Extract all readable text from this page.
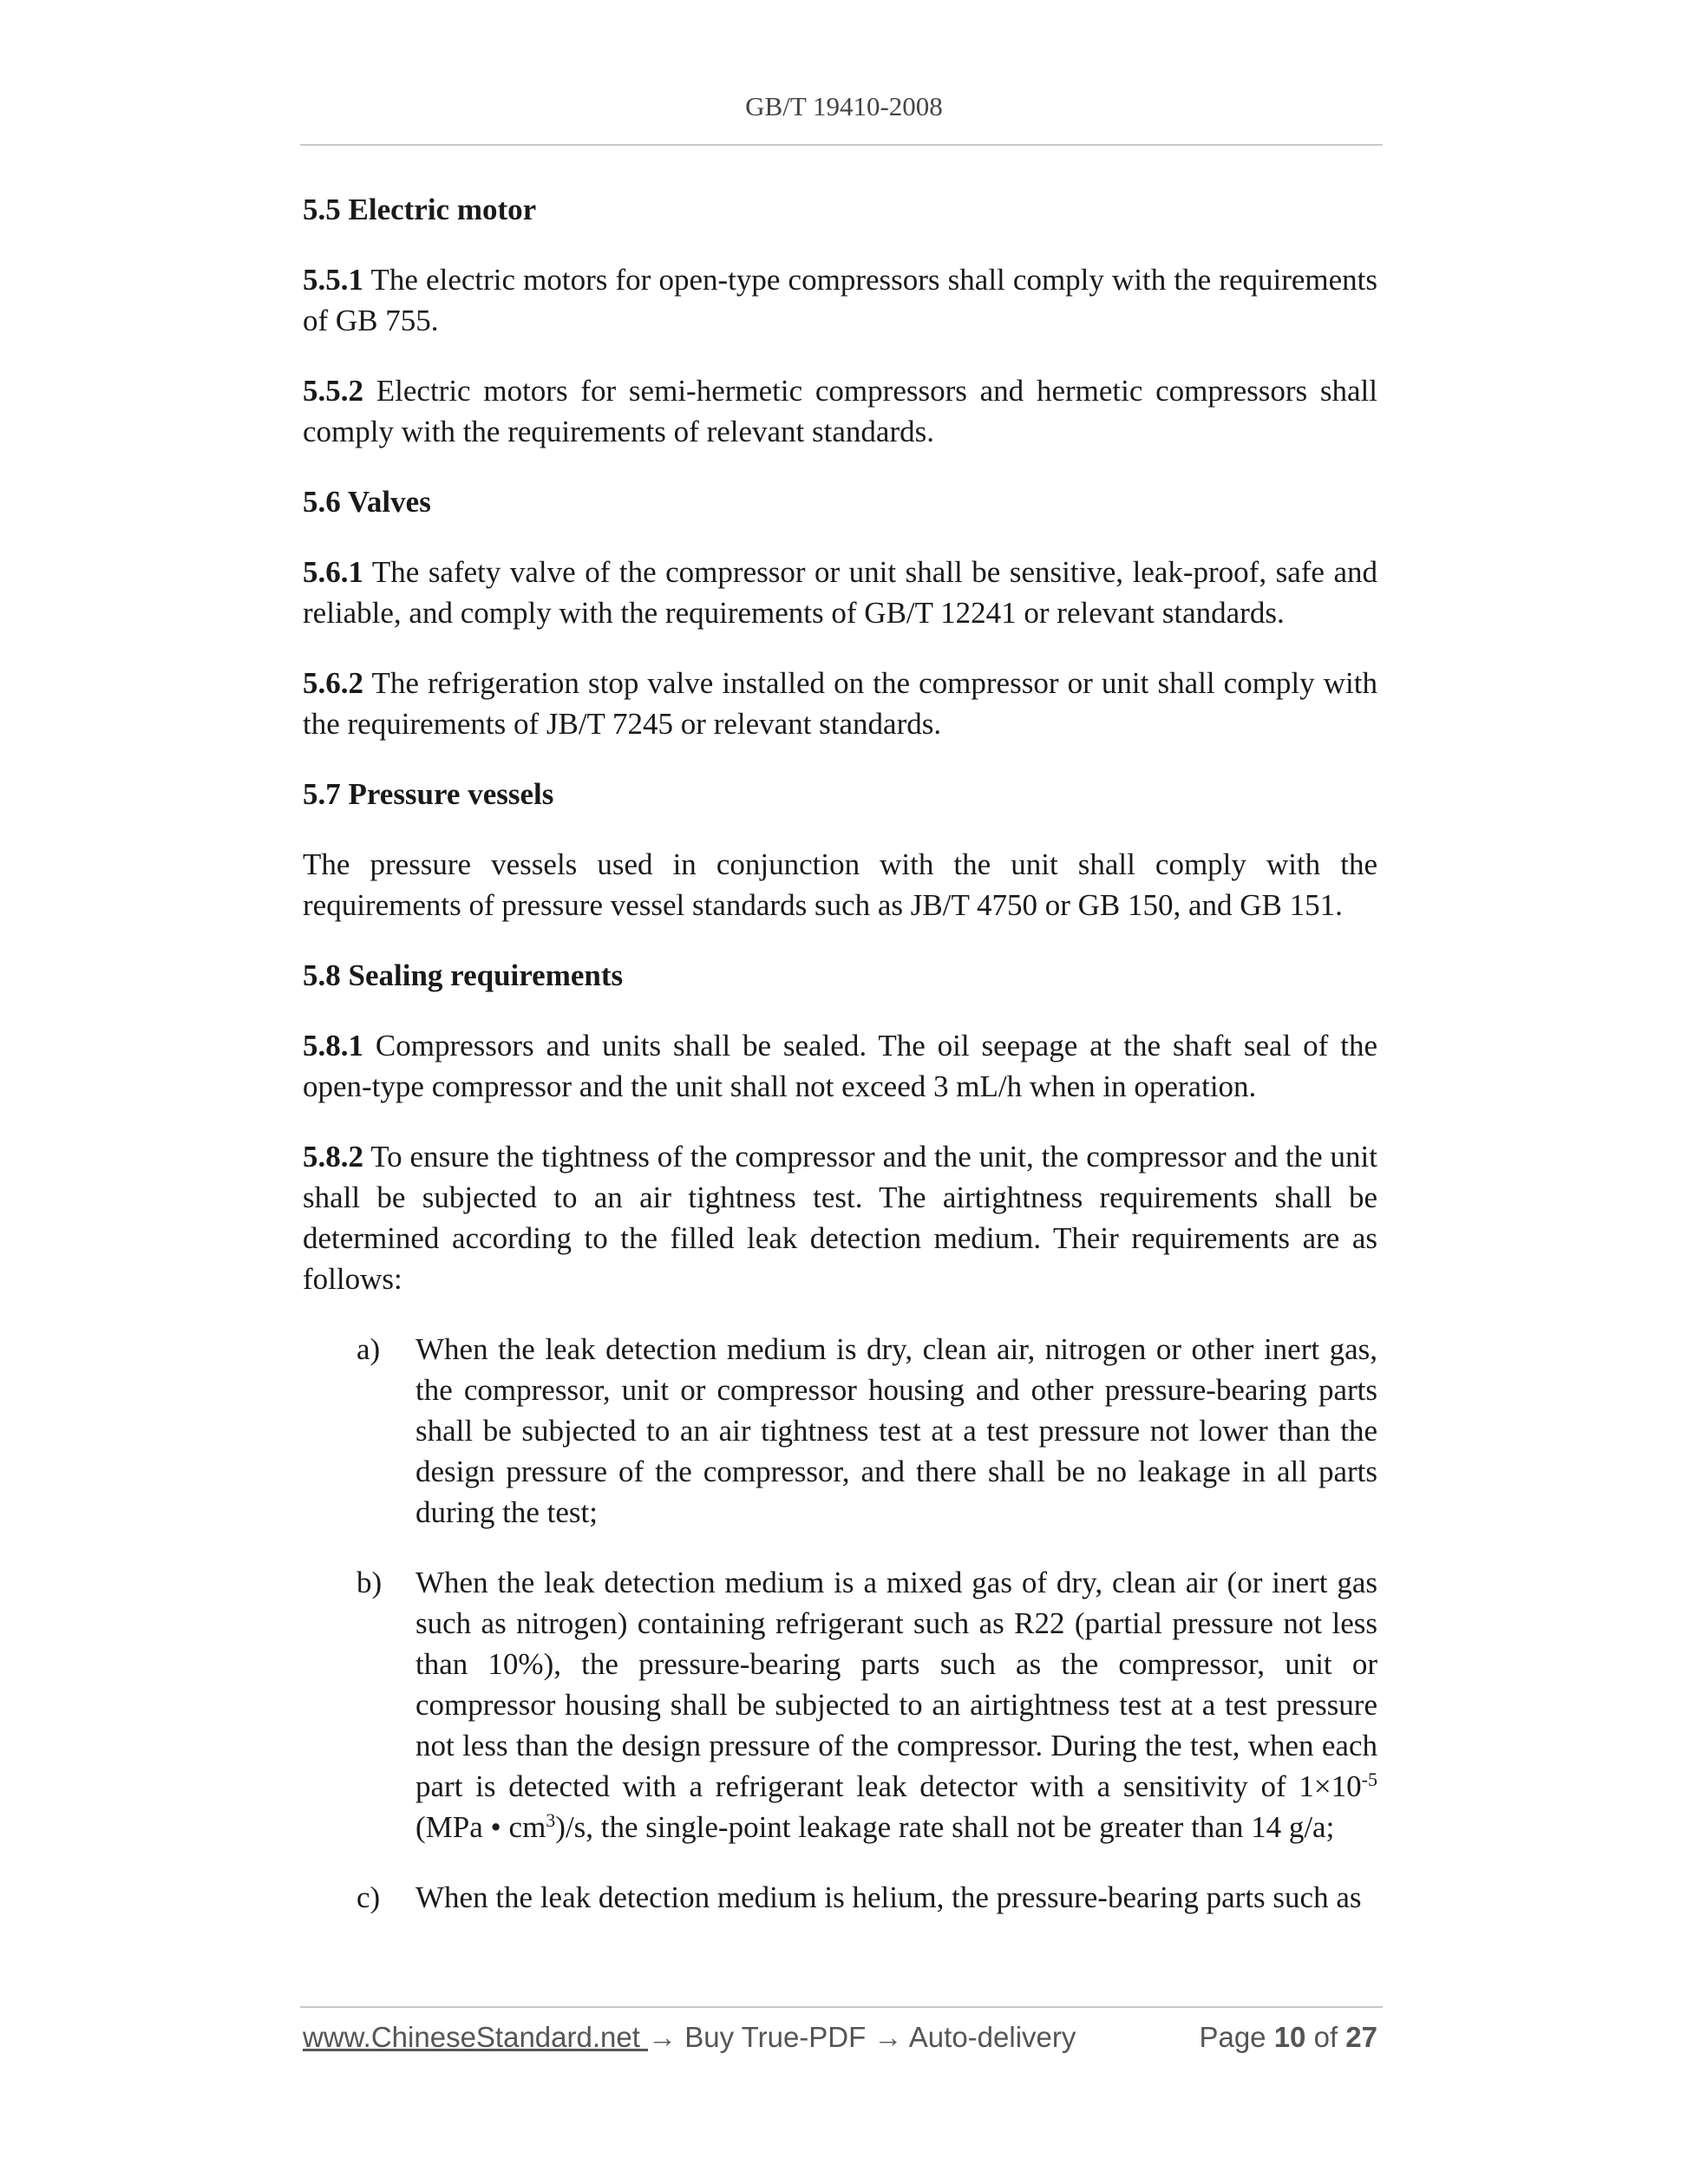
GB/T 19410-2008

5.5 Electric motor

5.5.1 The electric motors for open-type compressors shall comply with the requirements of GB 755.

5.5.2 Electric motors for semi-hermetic compressors and hermetic compressors shall comply with the requirements of relevant standards.

5.6 Valves

5.6.1 The safety valve of the compressor or unit shall be sensitive, leak-proof, safe and reliable, and comply with the requirements of GB/T 12241 or relevant standards.

5.6.2 The refrigeration stop valve installed on the compressor or unit shall comply with the requirements of JB/T 7245 or relevant standards.

5.7 Pressure vessels

The pressure vessels used in conjunction with the unit shall comply with the requirements of pressure vessel standards such as JB/T 4750 or GB 150, and GB 151.

5.8 Sealing requirements

5.8.1 Compressors and units shall be sealed. The oil seepage at the shaft seal of the open-type compressor and the unit shall not exceed 3 mL/h when in operation.

5.8.2 To ensure the tightness of the compressor and the unit, the compressor and the unit shall be subjected to an air tightness test. The airtightness requirements shall be determined according to the filled leak detection medium. Their requirements are as follows:

a) When the leak detection medium is dry, clean air, nitrogen or other inert gas, the compressor, unit or compressor housing and other pressure-bearing parts shall be subjected to an air tightness test at a test pressure not lower than the design pressure of the compressor, and there shall be no leakage in all parts during the test;

b) When the leak detection medium is a mixed gas of dry, clean air (or inert gas such as nitrogen) containing refrigerant such as R22 (partial pressure not less than 10%), the pressure-bearing parts such as the compressor, unit or compressor housing shall be subjected to an airtightness test at a test pressure not less than the design pressure of the compressor. During the test, when each part is detected with a refrigerant leak detector with a sensitivity of $1\times 10^{-5}$ (MPa • $cm^3)/s$, the single-point leakage rate shall not be greater than 14 g/a;

c) When the leak detection medium is helium, the pressure-bearing parts such as

www.ChineseStandard.net → Buy True-PDF → Auto-delivery	Page 10 of 27
